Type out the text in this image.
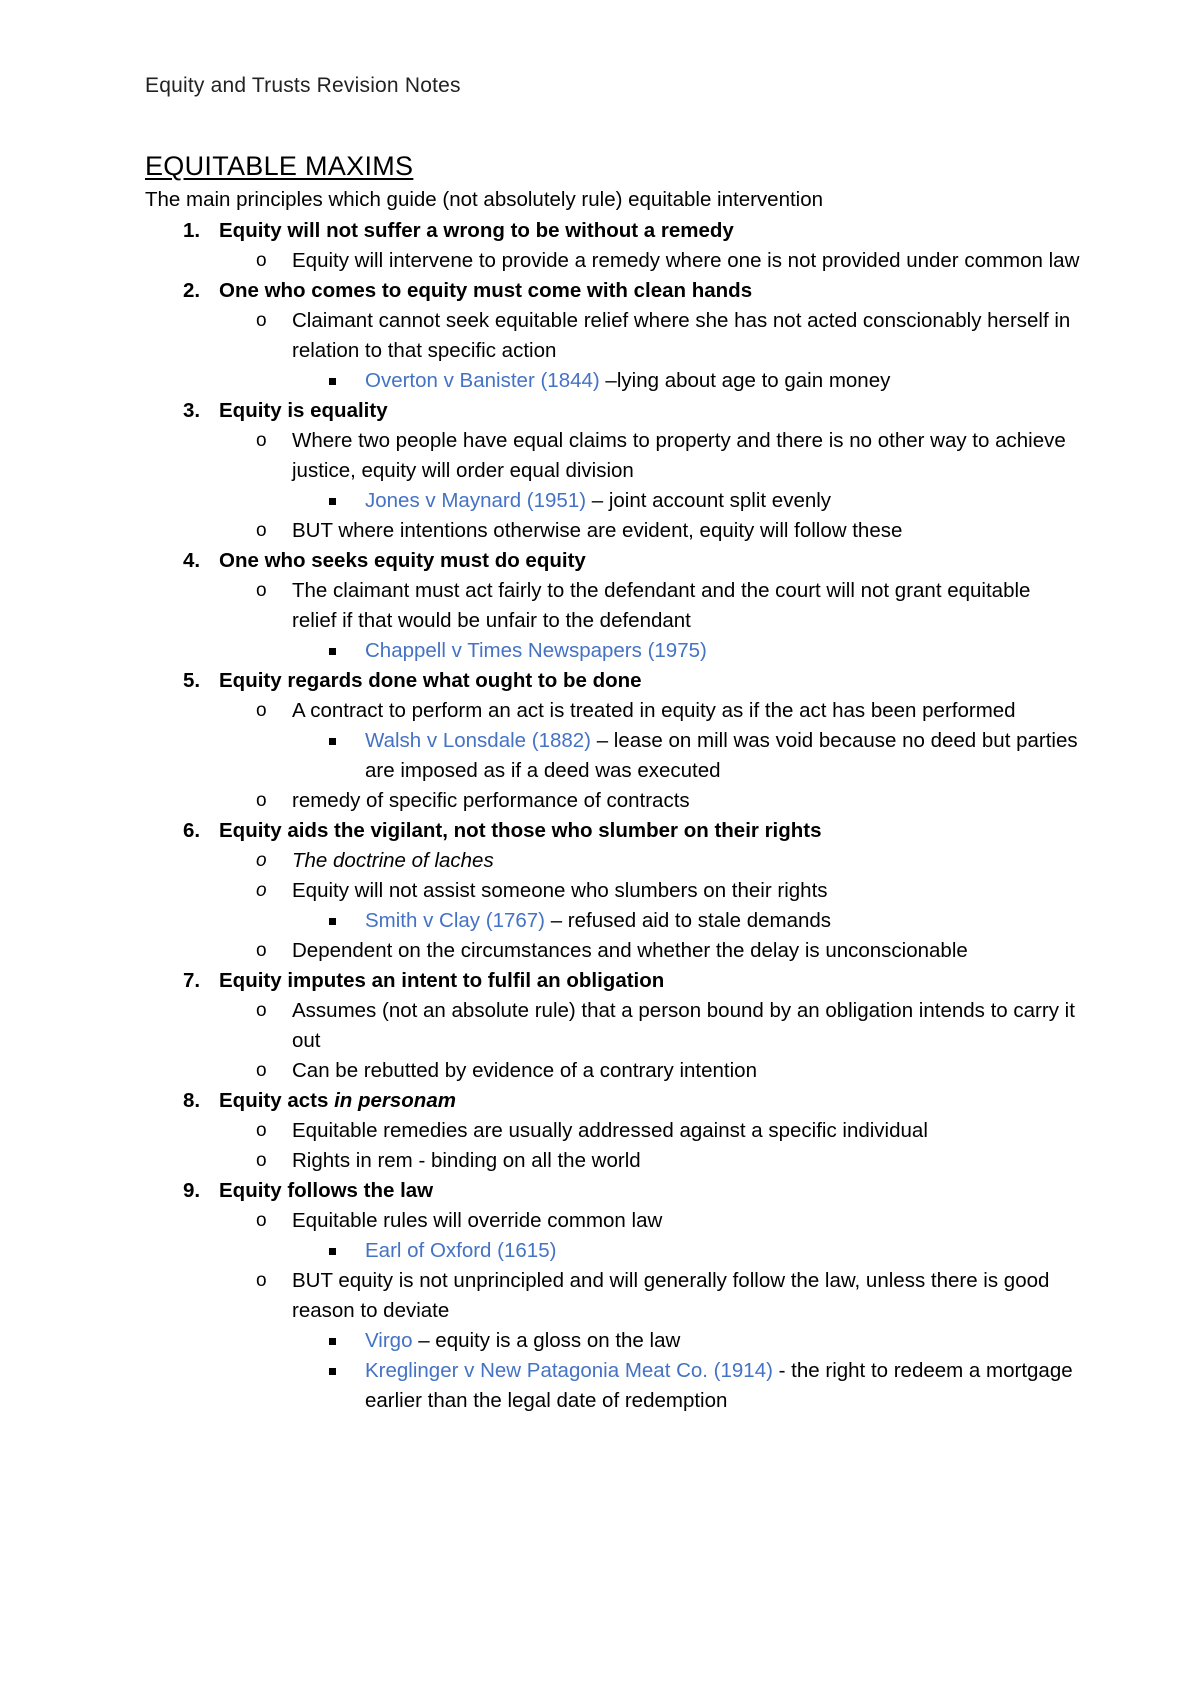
Equity and Trusts Revision Notes
EQUITABLE MAXIMS
The main principles which guide (not absolutely rule) equitable intervention
1. Equity will not suffer a wrong to be without a remedy
o Equity will intervene to provide a remedy where one is not provided under common law
2. One who comes to equity must come with clean hands
o Claimant cannot seek equitable relief where she has not acted conscionably herself in relation to that specific action
Overton v Banister (1844) –lying about age to gain money
3. Equity is equality
o Where two people have equal claims to property and there is no other way to achieve justice, equity will order equal division
Jones v Maynard (1951) – joint account split evenly
o BUT where intentions otherwise are evident, equity will follow these
4. One who seeks equity must do equity
o The claimant must act fairly to the defendant and the court will not grant equitable relief if that would be unfair to the defendant
Chappell v Times Newspapers (1975)
5. Equity regards done what ought to be done
o A contract to perform an act is treated in equity as if the act has been performed
Walsh v Lonsdale (1882) – lease on mill was void because no deed but parties are imposed as if a deed was executed
o remedy of specific performance of contracts
6. Equity aids the vigilant, not those who slumber on their rights
o The doctrine of laches
o Equity will not assist someone who slumbers on their rights
Smith v Clay (1767) – refused aid to stale demands
o Dependent on the circumstances and whether the delay is unconscionable
7. Equity imputes an intent to fulfil an obligation
o Assumes (not an absolute rule) that a person bound by an obligation intends to carry it out
o Can be rebutted by evidence of a contrary intention
8. Equity acts in personam
o Equitable remedies are usually addressed against a specific individual
o Rights in rem - binding on all the world
9. Equity follows the law
o Equitable rules will override common law
Earl of Oxford (1615)
o BUT equity is not unprincipled and will generally follow the law, unless there is good reason to deviate
Virgo – equity is a gloss on the law
Kreglinger v New Patagonia Meat Co. (1914) - the right to redeem a mortgage earlier than the legal date of redemption
